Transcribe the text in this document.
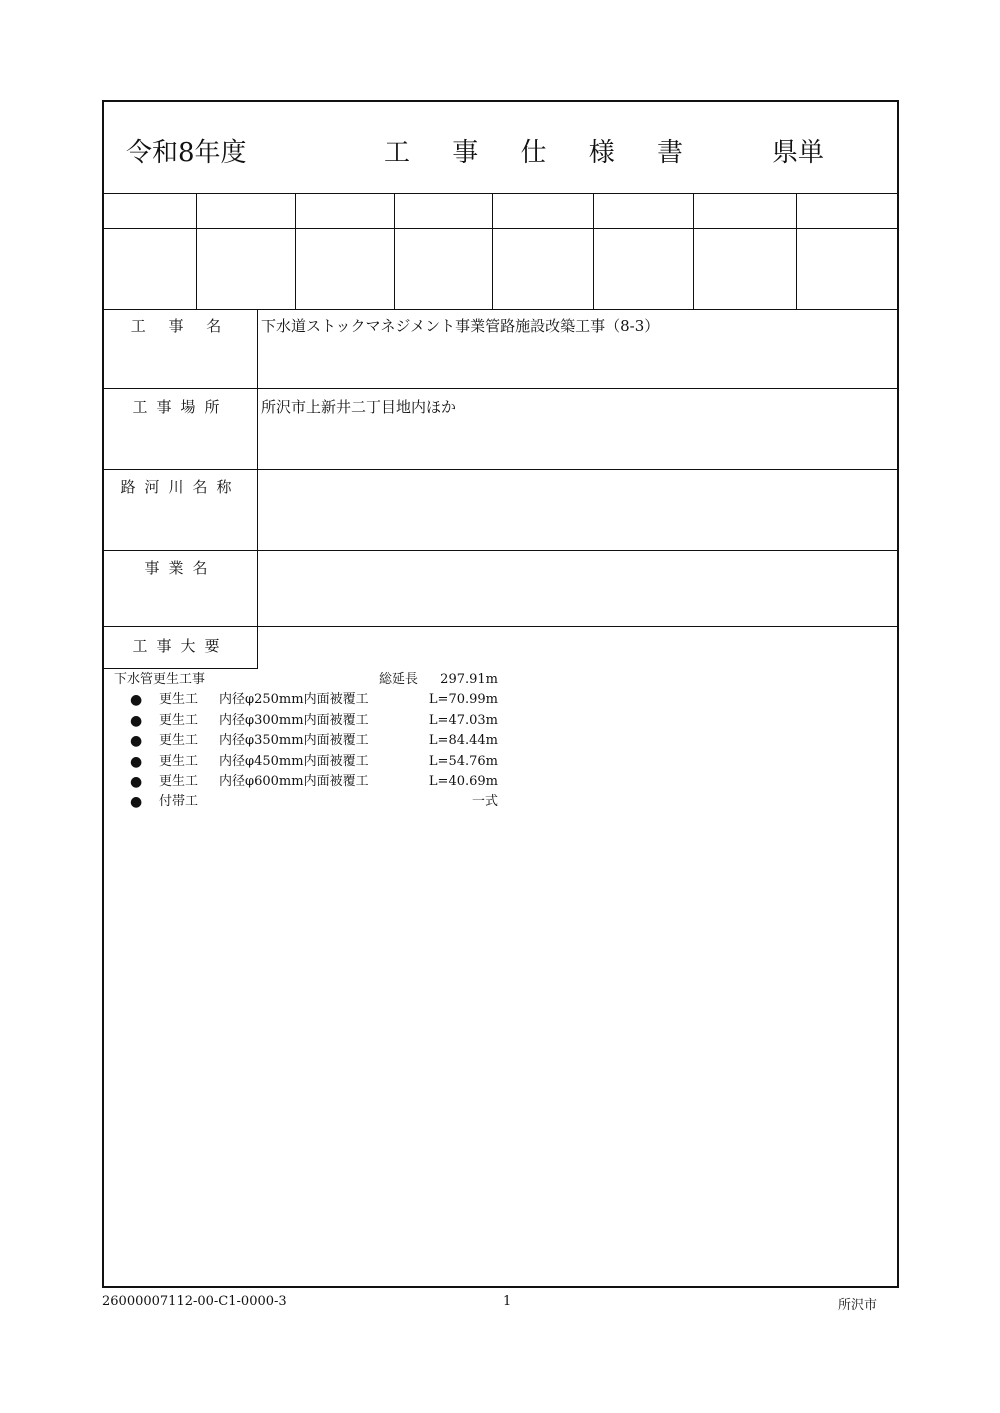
令和8年度	工 事 仕 様 書	県単
工 事 名	下水道ストックマネジメント事業管路施設改築工事（8-3）
工事場所	所沢市上新井二丁目地内ほか
路河川名称
事業名
工事大要
下水管更生工事	総延長	297.91m
● 更生工 内径φ250mm内面被覆工	L=70.99m
● 更生工 内径φ300mm内面被覆工	L=47.03m
● 更生工 内径φ350mm内面被覆工	L=84.44m
● 更生工 内径φ450mm内面被覆工	L=54.76m
● 更生工 内径φ600mm内面被覆工	L=40.69m
● 付帯工	一式
26000007112-00-C1-0000-3	1	所沢市
